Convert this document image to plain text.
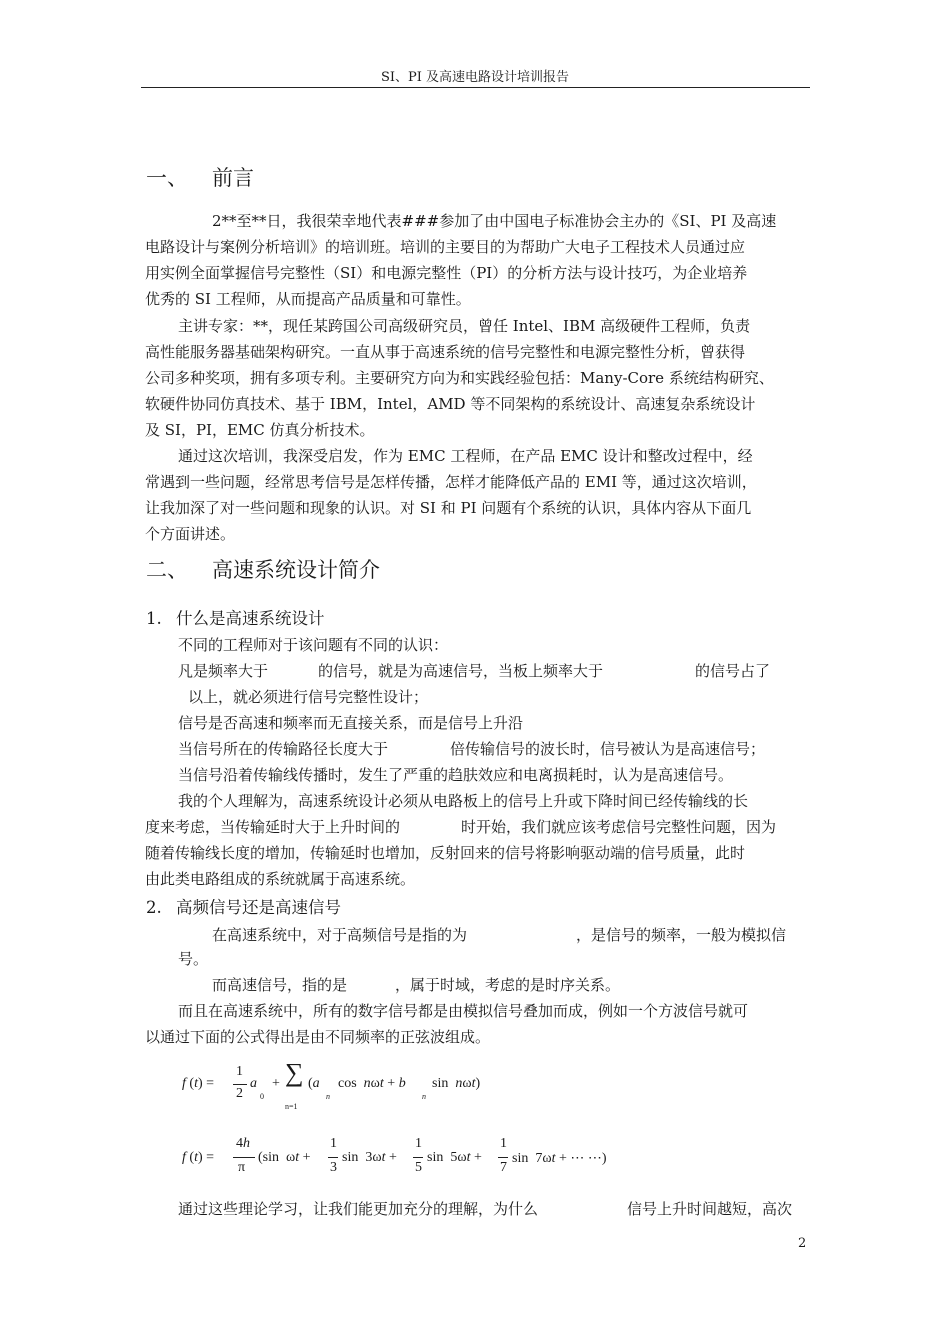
SI、PI 及高速电路设计培训报告
一、 前言
2**至**日，我很荣幸地代表###参加了由中国电子标准协会主办的《SI、PI 及高速
电路设计与案例分析培训》的培训班。培训的主要目的为帮助广大电子工程技术人员通过应
用实例全面掌握信号完整性（SI）和电源完整性（PI）的分析方法与设计技巧，为企业培养
优秀的 SI 工程师，从而提高产品质量和可靠性。
主讲专家：**，现任某跨国公司高级研究员，曾任 Intel、IBM 高级硬件工程师，负责
高性能服务器基础架构研究。一直从事于高速系统的信号完整性和电源完整性分析，曾获得
公司多种奖项，拥有多项专利。主要研究方向为和实践经验包括：Many-Core 系统结构研究、
软硬件协同仿真技术、基于 IBM，Intel，AMD 等不同架构的系统设计、高速复杂系统设计
及 SI，PI，EMC 仿真分析技术。
通过这次培训，我深受启发，作为 EMC 工程师，在产品 EMC 设计和整改过程中，经
常遇到一些问题，经常思考信号是怎样传播，怎样才能降低产品的 EMI 等，通过这次培训，
让我加深了对一些问题和现象的认识。对 SI 和 PI 问题有个系统的认识，具体内容从下面几
个方面讲述。
二、 高速系统设计简介
1. 什么是高速系统设计
不同的工程师对于该问题有不同的认识：
凡是频率大于	的信号，就是为高速信号，当板上频率大于	的信号占了
以上，就必须进行信号完整性设计；
信号是否高速和频率而无直接关系，而是信号上升沿
当信号所在的传输路径长度大于	倍传输信号的波长时，信号被认为是高速信号；
当信号沿着传输线传播时，发生了严重的趋肤效应和电离损耗时，认为是高速信号。
我的个人理解为，高速系统设计必须从电路板上的信号上升或下降时间已经传输线的长
度来考虑，当传输延时大于上升时间的	时开始，我们就应该考虑信号完整性问题，因为
随着传输线长度的增加，传输延时也增加，反射回来的信号将影响驱动端的信号质量，此时
由此类电路组成的系统就属于高速系统。
2. 高频信号还是高速信号
在高速系统中，对于高频信号是指的为	，是信号的频率，一般为模拟信
号。
而高速信号，指的是	，属于时域，考虑的是时序关系。
而且在高速系统中，所有的数字信号都是由模拟信号叠加而成，例如一个方波信号就可
以通过下面的公式得出是由不同频率的正弦波组成。
f (t) =
1
2
a
0
+ ∑
n=1
(a
n
cos  nωt + b
n
sin  nωt)
f (t) =
4h
π
(sin  ωt +
1
3
sin  3ωt +
1
5
sin  5ωt +
1
7
sin  7ωt + ⋯ ⋯)
通过这些理论学习，让我们能更加充分的理解，为什么	信号上升时间越短，高次
2
